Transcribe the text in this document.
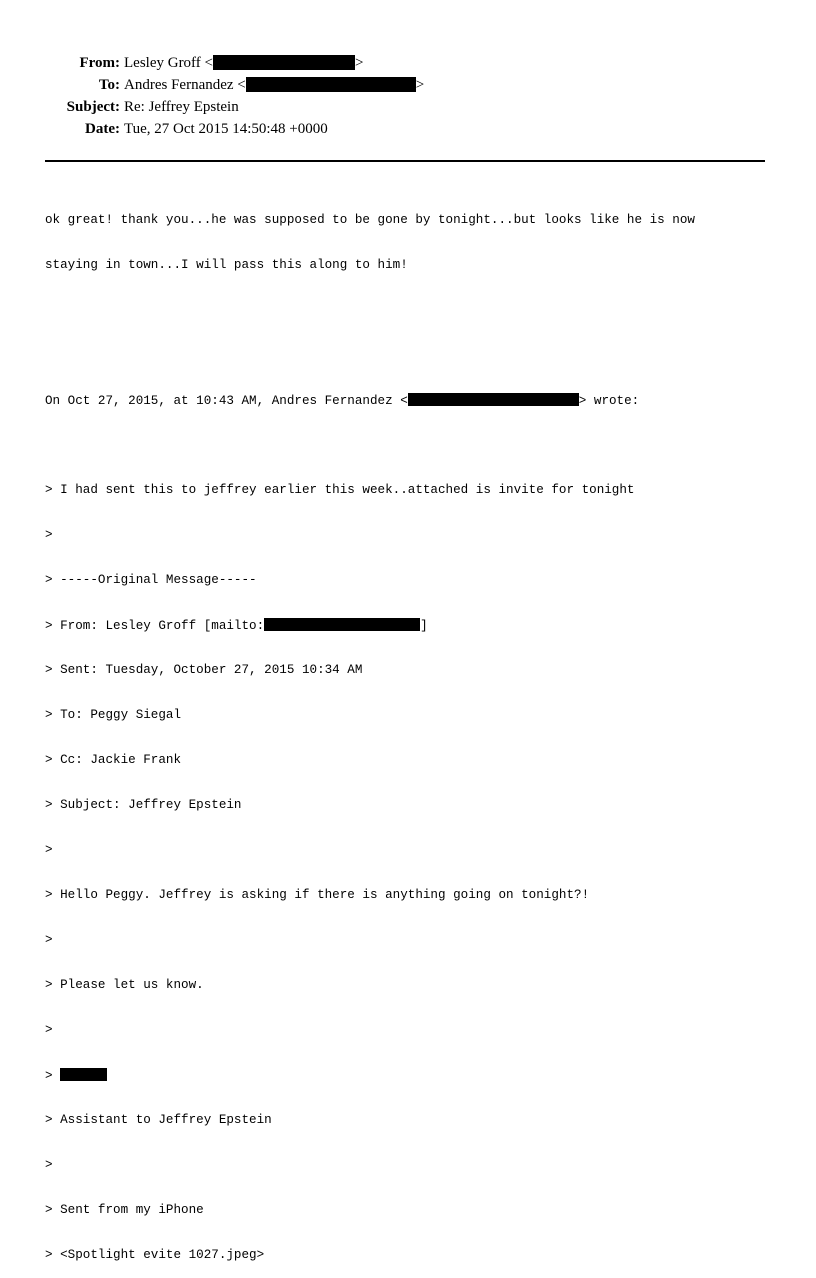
From: Lesley Groff <	>
To: Andres Fernandez <	>
Subject: Re: Jeffrey Epstein
Date: Tue, 27 Oct 2015 14:50:48 +0000

ok great! thank you...he was supposed to be gone by tonight...but looks like he is now

staying in town...I will pass this along to him!

On Oct 27, 2015, at 10:43 AM, Andres Fernandez <	> wrote:

> I had sent this to jeffrey earlier this week..attached is invite for tonight

>

> -----Original Message-----

> From: Lesley Groff [mailto:	]

> Sent: Tuesday, October 27, 2015 10:34 AM

> To: Peggy Siegal

> Cc: Jackie Frank

> Subject: Jeffrey Epstein

>

> Hello Peggy. Jeffrey is asking if there is anything going on tonight?!

>

> Please let us know.

>

>

> Assistant to Jeffrey Epstein

>

> Sent from my iPhone

> <Spotlight evite 1027.jpeg>
